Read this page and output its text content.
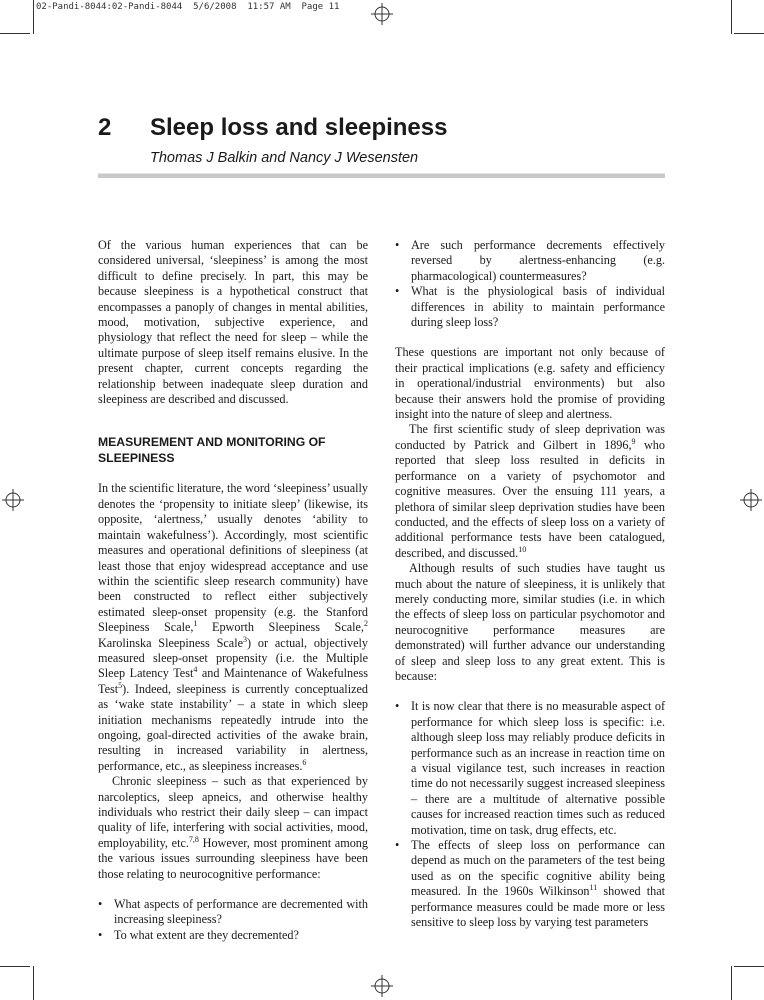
02-Pandi-8044:02-Pandi-8044  5/6/2008  11:57 AM  Page 11
2 Sleep loss and sleepiness
Thomas J Balkin and Nancy J Wesensten

Of the various human experiences that can be considered universal, ‘sleepiness’ is among the most difficult to define precisely. In part, this may be because sleepiness is a hypothetical construct that encompasses a panoply of changes in mental abilities, mood, motivation, subjective experience, and physiology that reflect the need for sleep – while the ultimate purpose of sleep itself remains elusive. In the present chapter, current concepts regarding the relationship between inadequate sleep duration and sleepiness are described and discussed.

MEASUREMENT AND MONITORING OF
SLEEPINESS

In the scientific literature, the word ‘sleepiness’ usually denotes the ‘propensity to initiate sleep’ (likewise, its opposite, ‘alertness,’ usually denotes ‘ability to maintain wakefulness’). Accordingly, most scientific measures and operational definitions of sleepiness (at least those that enjoy widespread acceptance and use within the scientific sleep research community) have been constructed to reflect either subjectively estimated sleep-onset propensity (e.g. the Stanford Sleepiness Scale,$^1$ Epworth Sleepiness Scale,$^2$ Karolinska Sleepiness Scale$^3$) or actual, objectively measured sleep-onset propensity (i.e. the Multiple Sleep Latency Test$^4$ and Maintenance of Wakefulness Test$^5$). Indeed, sleepiness is currently conceptualized as ‘wake state instability’ – a state in which sleep initiation mechanisms repeatedly intrude into the ongoing, goal-directed activities of the awake brain, resulting in increased variability in alertness, performance, etc., as sleepiness increases.$^6$

Chronic sleepiness – such as that experienced by narcoleptics, sleep apneics, and otherwise healthy individuals who restrict their daily sleep – can impact quality of life, interfering with social activities, mood, employability, etc.$^{7,8}$ However, most prominent among the various issues surrounding sleepiness have been those relating to neurocognitive performance:

• What aspects of performance are decremented with increasing sleepiness?
• To what extent are they decremented?
• Are such performance decrements effectively reversed by alertness-enhancing (e.g. pharmacological) countermeasures?
• What is the physiological basis of individual differences in ability to maintain performance during sleep loss?

These questions are important not only because of their practical implications (e.g. safety and efficiency in operational/industrial environments) but also because their answers hold the promise of providing insight into the nature of sleep and alertness.

The first scientific study of sleep deprivation was conducted by Patrick and Gilbert in 1896,$^9$ who reported that sleep loss resulted in deficits in performance on a variety of psychomotor and cognitive measures. Over the ensuing 111 years, a plethora of similar sleep deprivation studies have been conducted, and the effects of sleep loss on a variety of additional performance tests have been catalogued, described, and discussed.$^{10}$

Although results of such studies have taught us much about the nature of sleepiness, it is unlikely that merely conducting more, similar studies (i.e. in which the effects of sleep loss on particular psychomotor and neurocognitive performance measures are demonstrated) will further advance our understanding of sleep and sleep loss to any great extent. This is because:

• It is now clear that there is no measurable aspect of performance for which sleep loss is specific: i.e. although sleep loss may reliably produce deficits in performance such as an increase in reaction time on a visual vigilance test, such increases in reaction time do not necessarily suggest increased sleepiness – there are a multitude of alternative possible causes for increased reaction times such as reduced motivation, time on task, drug effects, etc.
• The effects of sleep loss on performance can depend as much on the parameters of the test being used as on the specific cognitive ability being measured. In the 1960s Wilkinson$^{11}$ showed that performance measures could be made more or less sensitive to sleep loss by varying test parameters
